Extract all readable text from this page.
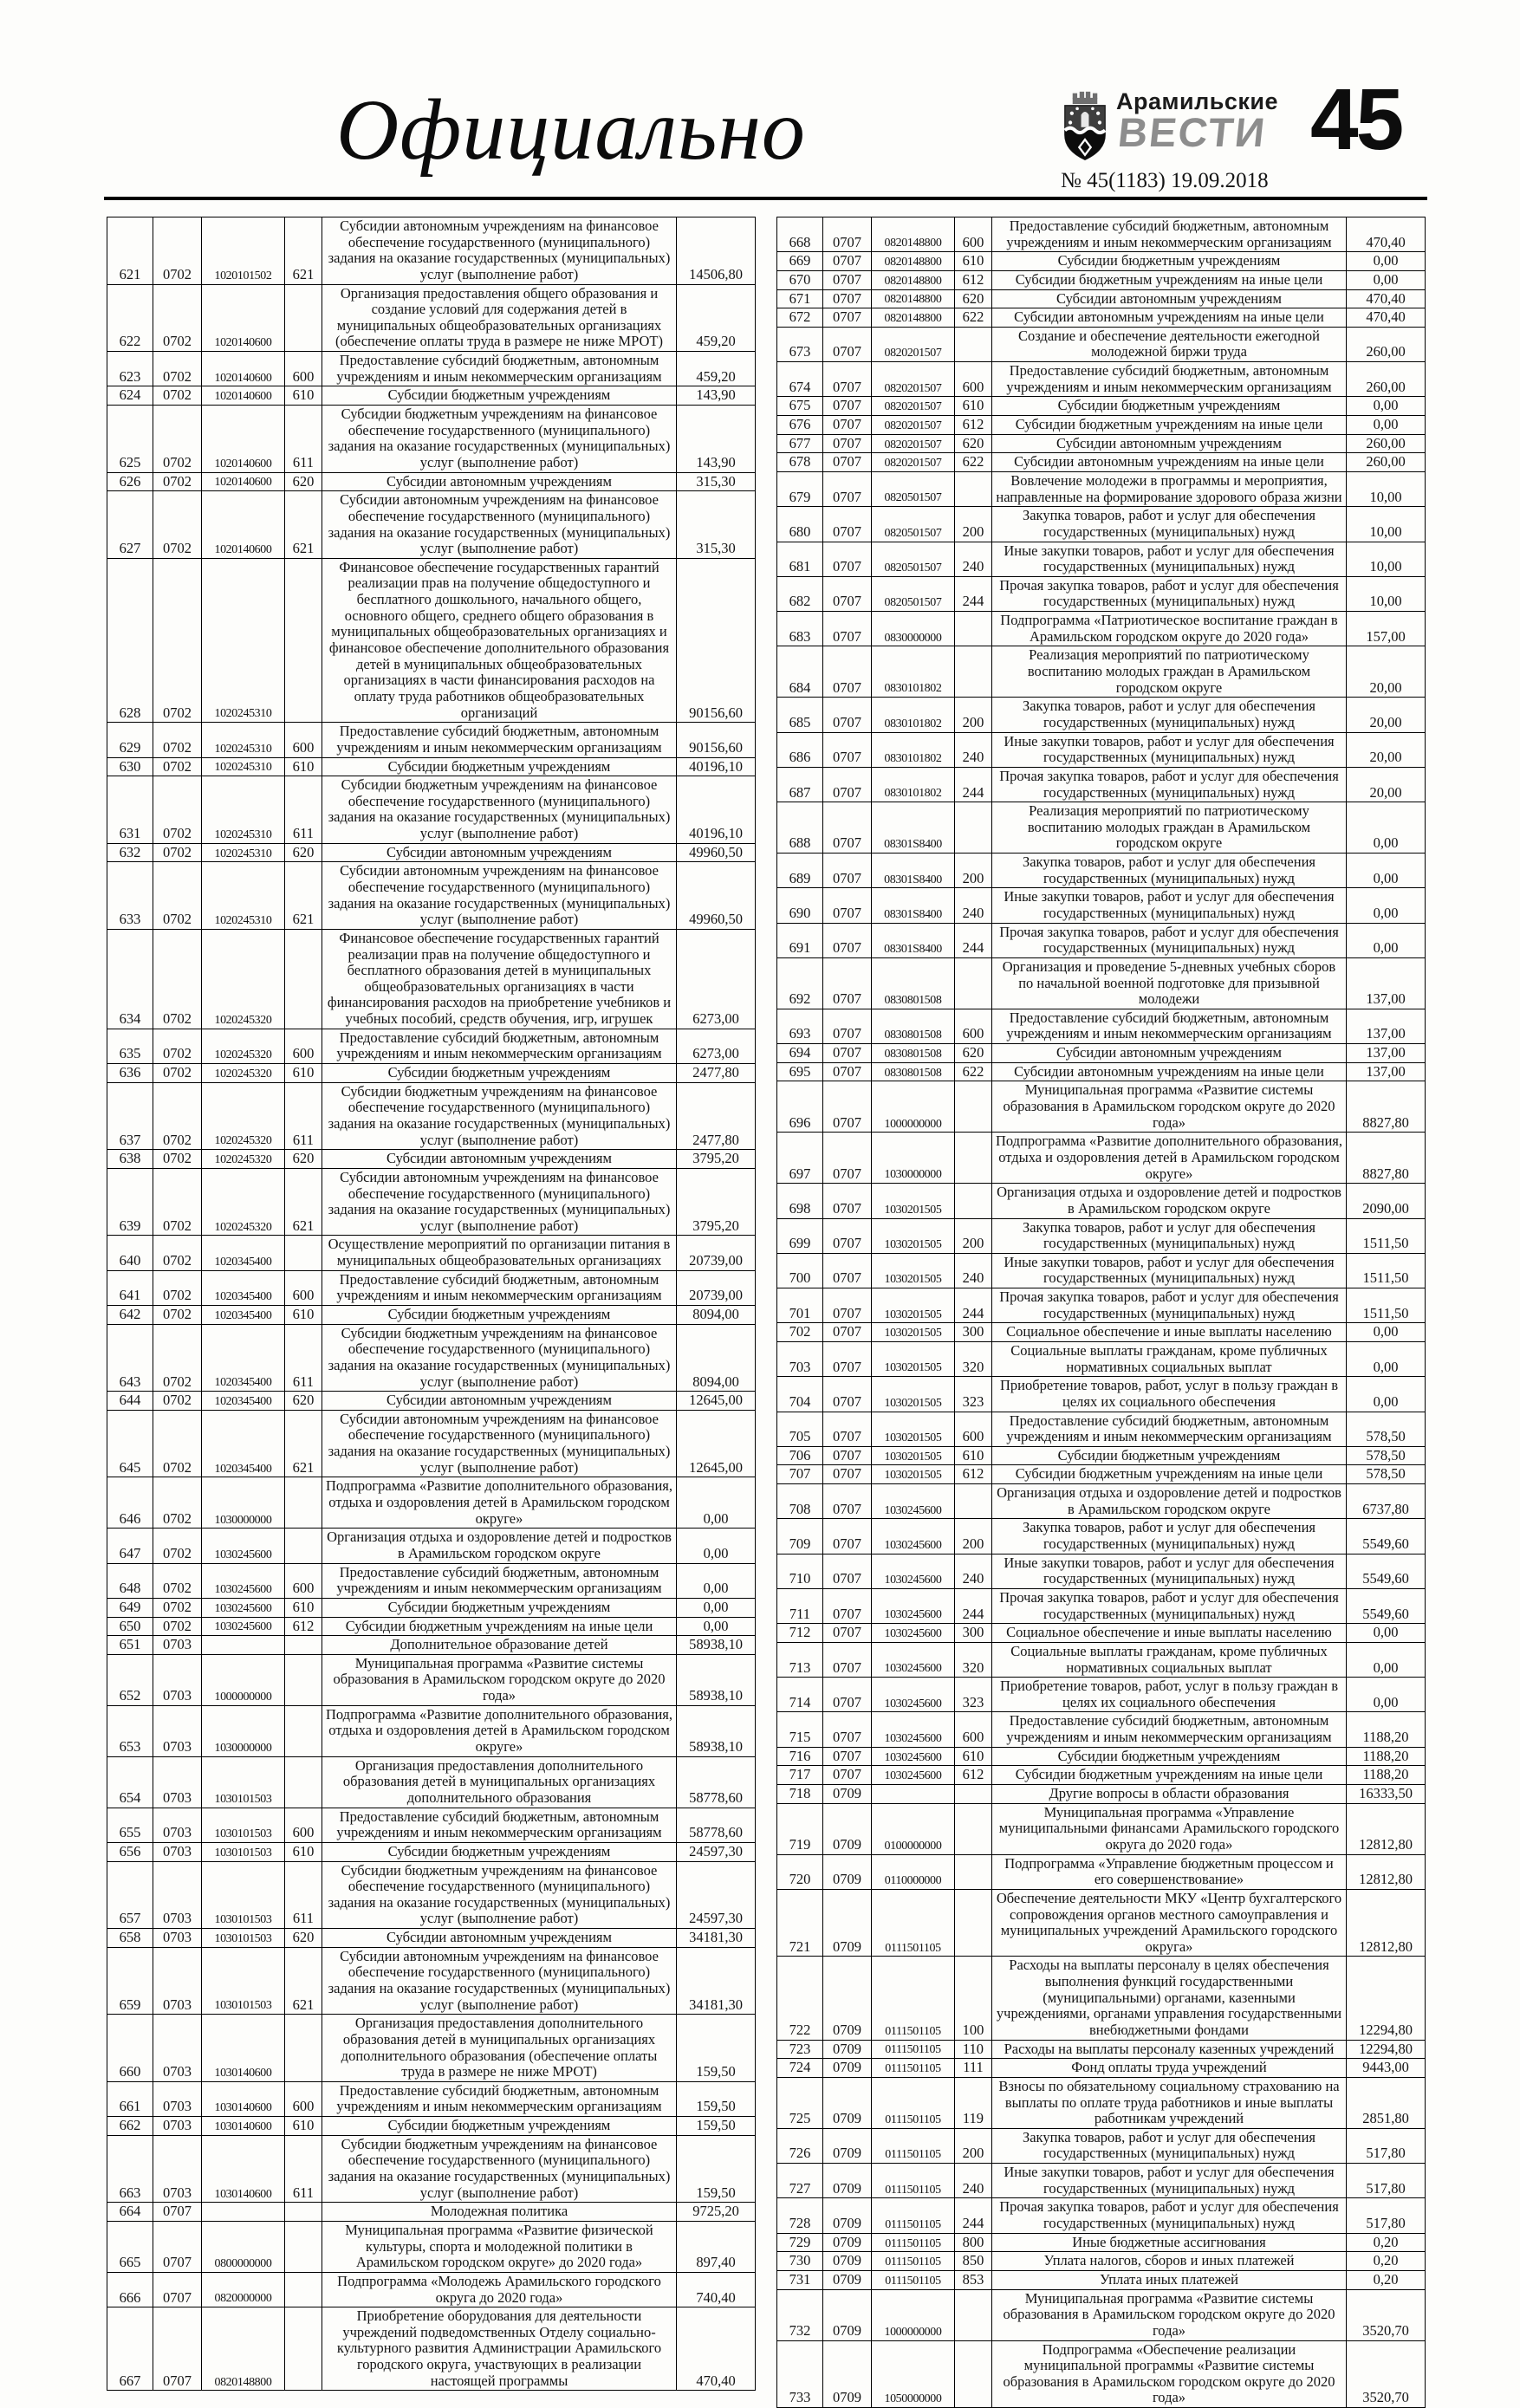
Официально	Арамильские
ВЕСТИ
№ 45(1183) 19.09.2018
45
621	0702	1020101502	621	Субсидии автономным учреждениям на финансовое обеспечение государственного (муниципального) задания на оказание государственных (муниципальных) услуг (выполнение работ)	14506,80
622	0702	1020140600		Организация предоставления общего образования и создание условий для содержания детей в муниципальных общеобразовательных организациях (обеспечение оплаты труда в размере не ниже МРОТ)	459,20
623	0702	1020140600	600	Предоставление субсидий бюджетным, автономным учреждениям и иным некоммерческим организациям	459,20
624	0702	1020140600	610	Субсидии бюджетным учреждениям	143,90
625	0702	1020140600	611	Субсидии бюджетным учреждениям на финансовое обеспечение государственного (муниципального) задания на оказание государственных (муниципальных) услуг (выполнение работ)	143,90
626	0702	1020140600	620	Субсидии автономным учреждениям	315,30
627	0702	1020140600	621	Субсидии автономным учреждениям на финансовое обеспечение государственного (муниципального) задания на оказание государственных (муниципальных) услуг (выполнение работ)	315,30
628	0702	1020245310		Финансовое обеспечение государственных гарантий реализации прав на получение общедоступного и бесплатного дошкольного, начального общего, основного общего, среднего общего образования в муниципальных общеобразовательных организациях и финансовое обеспечение дополнительного образования детей в муниципальных общеобразовательных организациях в части финансирования расходов на оплату труда работников общеобразовательных организаций	90156,60
629	0702	1020245310	600	Предоставление субсидий бюджетным, автономным учреждениям и иным некоммерческим организациям	90156,60
630	0702	1020245310	610	Субсидии бюджетным учреждениям	40196,10
631	0702	1020245310	611	Субсидии бюджетным учреждениям на финансовое обеспечение государственного (муниципального) задания на оказание государственных (муниципальных) услуг (выполнение работ)	40196,10
632	0702	1020245310	620	Субсидии автономным учреждениям	49960,50
633	0702	1020245310	621	Субсидии автономным учреждениям на финансовое обеспечение государственного (муниципального) задания на оказание государственных (муниципальных) услуг (выполнение работ)	49960,50
634	0702	1020245320		Финансовое обеспечение государственных гарантий реализации прав на получение общедоступного и бесплатного образования детей в муниципальных общеобразовательных организациях в части финансирования расходов на приобретение учебников и учебных пособий, средств обучения, игр, игрушек	6273,00
635	0702	1020245320	600	Предоставление субсидий бюджетным, автономным учреждениям и иным некоммерческим организациям	6273,00
636	0702	1020245320	610	Субсидии бюджетным учреждениям	2477,80
637	0702	1020245320	611	Субсидии бюджетным учреждениям на финансовое обеспечение государственного (муниципального) задания на оказание государственных (муниципальных) услуг (выполнение работ)	2477,80
638	0702	1020245320	620	Субсидии автономным учреждениям	3795,20
639	0702	1020245320	621	Субсидии автономным учреждениям на финансовое обеспечение государственного (муниципального) задания на оказание государственных (муниципальных) услуг (выполнение работ)	3795,20
640	0702	1020345400		Осуществление мероприятий по организации питания в муниципальных общеобразовательных организациях	20739,00
641	0702	1020345400	600	Предоставление субсидий бюджетным, автономным учреждениям и иным некоммерческим организациям	20739,00
642	0702	1020345400	610	Субсидии бюджетным учреждениям	8094,00
643	0702	1020345400	611	Субсидии бюджетным учреждениям на финансовое обеспечение государственного (муниципального) задания на оказание государственных (муниципальных) услуг (выполнение работ)	8094,00
644	0702	1020345400	620	Субсидии автономным учреждениям	12645,00
645	0702	1020345400	621	Субсидии автономным учреждениям на финансовое обеспечение государственного (муниципального) задания на оказание государственных (муниципальных) услуг (выполнение работ)	12645,00
646	0702	1030000000		Подпрограмма «Развитие дополнительного образования, отдыха и оздоровления детей в Арамильском городском округе»	0,00
647	0702	1030245600		Организация отдыха и оздоровление детей и подростков в Арамильском городском округе	0,00
648	0702	1030245600	600	Предоставление субсидий бюджетным, автономным учреждениям и иным некоммерческим организациям	0,00
649	0702	1030245600	610	Субсидии бюджетным учреждениям	0,00
650	0702	1030245600	612	Субсидии бюджетным учреждениям на иные цели	0,00
651	0703			Дополнительное образование детей	58938,10
652	0703	1000000000		Муниципальная программа «Развитие системы образования в Арамильском городском округе до 2020 года»	58938,10
653	0703	1030000000		Подпрограмма «Развитие дополнительного образования, отдыха и оздоровления детей в Арамильском городском округе»	58938,10
654	0703	1030101503		Организация предоставления дополнительного образования детей в муниципальных организациях дополнительного образования	58778,60
655	0703	1030101503	600	Предоставление субсидий бюджетным, автономным учреждениям и иным некоммерческим организациям	58778,60
656	0703	1030101503	610	Субсидии бюджетным учреждениям	24597,30
657	0703	1030101503	611	Субсидии бюджетным учреждениям на финансовое обеспечение государственного (муниципального) задания на оказание государственных (муниципальных) услуг (выполнение работ)	24597,30
658	0703	1030101503	620	Субсидии автономным учреждениям	34181,30
659	0703	1030101503	621	Субсидии автономным учреждениям на финансовое обеспечение государственного (муниципального) задания на оказание государственных (муниципальных) услуг (выполнение работ)	34181,30
660	0703	1030140600		Организация предоставления дополнительного образования детей в муниципальных организациях дополнительного образования (обеспечение оплаты труда в размере не ниже МРОТ)	159,50
661	0703	1030140600	600	Предоставление субсидий бюджетным, автономным учреждениям и иным некоммерческим организациям	159,50
662	0703	1030140600	610	Субсидии бюджетным учреждениям	159,50
663	0703	1030140600	611	Субсидии бюджетным учреждениям на финансовое обеспечение государственного (муниципального) задания на оказание государственных (муниципальных) услуг (выполнение работ)	159,50
664	0707			Молодежная политика	9725,20
665	0707	0800000000		Муниципальная программа «Развитие физической культуры, спорта и молодежной политики в Арамильском городском округе» до 2020 года»	897,40
666	0707	0820000000		Подпрограмма «Молодежь Арамильского городского округа до 2020 года»	740,40
667	0707	0820148800		Приобретение оборудования для деятельности учреждений подведомственных Отделу социально-культурного развития Администрации Арамильского городского округа, участвующих в реализации настоящей программы	470,40
668	0707	0820148800	600	Предоставление субсидий бюджетным, автономным учреждениям и иным некоммерческим организациям	470,40
669	0707	0820148800	610	Субсидии бюджетным учреждениям	0,00
670	0707	0820148800	612	Субсидии бюджетным учреждениям на иные цели	0,00
671	0707	0820148800	620	Субсидии автономным учреждениям	470,40
672	0707	0820148800	622	Субсидии автономным учреждениям на иные цели	470,40
673	0707	0820201507		Создание и обеспечение деятельности ежегодной молодежной биржи труда	260,00
674	0707	0820201507	600	Предоставление субсидий бюджетным, автономным учреждениям и иным некоммерческим организациям	260,00
675	0707	0820201507	610	Субсидии бюджетным учреждениям	0,00
676	0707	0820201507	612	Субсидии бюджетным учреждениям на иные цели	0,00
677	0707	0820201507	620	Субсидии автономным учреждениям	260,00
678	0707	0820201507	622	Субсидии автономным учреждениям на иные цели	260,00
679	0707	0820501507		Вовлечение молодежи в программы и мероприятия, направленные на формирование здорового образа жизни	10,00
680	0707	0820501507	200	Закупка товаров, работ и услуг для обеспечения государственных (муниципальных) нужд	10,00
681	0707	0820501507	240	Иные закупки товаров, работ и услуг для обеспечения государственных (муниципальных) нужд	10,00
682	0707	0820501507	244	Прочая закупка товаров, работ и услуг для обеспечения государственных (муниципальных) нужд	10,00
683	0707	0830000000		Подпрограмма «Патриотическое воспитание граждан в Арамильском городском округе до 2020 года»	157,00
684	0707	0830101802		Реализация мероприятий по патриотическому воспитанию молодых граждан в Арамильском городском округе	20,00
685	0707	0830101802	200	Закупка товаров, работ и услуг для обеспечения государственных (муниципальных) нужд	20,00
686	0707	0830101802	240	Иные закупки товаров, работ и услуг для обеспечения государственных (муниципальных) нужд	20,00
687	0707	0830101802	244	Прочая закупка товаров, работ и услуг для обеспечения государственных (муниципальных) нужд	20,00
688	0707	08301S8400		Реализация мероприятий по патриотическому воспитанию молодых граждан в Арамильском городском округе	0,00
689	0707	08301S8400	200	Закупка товаров, работ и услуг для обеспечения государственных (муниципальных) нужд	0,00
690	0707	08301S8400	240	Иные закупки товаров, работ и услуг для обеспечения государственных (муниципальных) нужд	0,00
691	0707	08301S8400	244	Прочая закупка товаров, работ и услуг для обеспечения государственных (муниципальных) нужд	0,00
692	0707	0830801508		Организация и проведение 5-дневных учебных сборов по начальной военной подготовке для призывной молодежи	137,00
693	0707	0830801508	600	Предоставление субсидий бюджетным, автономным учреждениям и иным некоммерческим организациям	137,00
694	0707	0830801508	620	Субсидии автономным учреждениям	137,00
695	0707	0830801508	622	Субсидии автономным учреждениям на иные цели	137,00
696	0707	1000000000		Муниципальная программа «Развитие системы образования в Арамильском городском округе до 2020 года»	8827,80
697	0707	1030000000		Подпрограмма «Развитие дополнительного образования, отдыха и оздоровления детей в Арамильском городском округе»	8827,80
698	0707	1030201505		Организация отдыха и оздоровление детей и подростков в Арамильском городском округе	2090,00
699	0707	1030201505	200	Закупка товаров, работ и услуг для обеспечения государственных (муниципальных) нужд	1511,50
700	0707	1030201505	240	Иные закупки товаров, работ и услуг для обеспечения государственных (муниципальных) нужд	1511,50
701	0707	1030201505	244	Прочая закупка товаров, работ и услуг для обеспечения государственных (муниципальных) нужд	1511,50
702	0707	1030201505	300	Социальное обеспечение и иные выплаты населению	0,00
703	0707	1030201505	320	Социальные выплаты гражданам, кроме публичных нормативных социальных выплат	0,00
704	0707	1030201505	323	Приобретение товаров, работ, услуг в пользу граждан в целях их социального обеспечения	0,00
705	0707	1030201505	600	Предоставление субсидий бюджетным, автономным учреждениям и иным некоммерческим организациям	578,50
706	0707	1030201505	610	Субсидии бюджетным учреждениям	578,50
707	0707	1030201505	612	Субсидии бюджетным учреждениям на иные цели	578,50
708	0707	1030245600		Организация отдыха и оздоровление детей и подростков в Арамильском городском округе	6737,80
709	0707	1030245600	200	Закупка товаров, работ и услуг для обеспечения государственных (муниципальных) нужд	5549,60
710	0707	1030245600	240	Иные закупки товаров, работ и услуг для обеспечения государственных (муниципальных) нужд	5549,60
711	0707	1030245600	244	Прочая закупка товаров, работ и услуг для обеспечения государственных (муниципальных) нужд	5549,60
712	0707	1030245600	300	Социальное обеспечение и иные выплаты населению	0,00
713	0707	1030245600	320	Социальные выплаты гражданам, кроме публичных нормативных социальных выплат	0,00
714	0707	1030245600	323	Приобретение товаров, работ, услуг в пользу граждан в целях их социального обеспечения	0,00
715	0707	1030245600	600	Предоставление субсидий бюджетным, автономным учреждениям и иным некоммерческим организациям	1188,20
716	0707	1030245600	610	Субсидии бюджетным учреждениям	1188,20
717	0707	1030245600	612	Субсидии бюджетным учреждениям на иные цели	1188,20
718	0709			Другие вопросы в области образования	16333,50
719	0709	0100000000		Муниципальная программа «Управление муниципальными финансами Арамильского городского округа до 2020 года»	12812,80
720	0709	0110000000		Подпрограмма «Управление бюджетным процессом и его совершенствование»	12812,80
721	0709	0111501105		Обеспечение деятельности МКУ «Центр бухгалтерского сопровождения органов местного самоуправления и муниципальных учреждений Арамильского городского округа»	12812,80
722	0709	0111501105	100	Расходы на выплаты персоналу в целях обеспечения выполнения функций государственными (муниципальными) органами, казенными учреждениями, органами управления государственными внебюджетными фондами	12294,80
723	0709	0111501105	110	Расходы на выплаты персоналу казенных учреждений	12294,80
724	0709	0111501105	111	Фонд оплаты труда учреждений	9443,00
725	0709	0111501105	119	Взносы по обязательному социальному страхованию на выплаты по оплате труда работников и иные выплаты работникам учреждений	2851,80
726	0709	0111501105	200	Закупка товаров, работ и услуг для обеспечения государственных (муниципальных) нужд	517,80
727	0709	0111501105	240	Иные закупки товаров, работ и услуг для обеспечения государственных (муниципальных) нужд	517,80
728	0709	0111501105	244	Прочая закупка товаров, работ и услуг для обеспечения государственных (муниципальных) нужд	517,80
729	0709	0111501105	800	Иные бюджетные ассигнования	0,20
730	0709	0111501105	850	Уплата налогов, сборов и иных платежей	0,20
731	0709	0111501105	853	Уплата иных платежей	0,20
732	0709	1000000000		Муниципальная программа «Развитие системы образования в Арамильском городском округе до 2020 года»	3520,70
733	0709	1050000000		Подпрограмма «Обеспечение реализации муниципальной программы «Развитие системы образования в Арамильском городском округе до 2020 года»	3520,70
